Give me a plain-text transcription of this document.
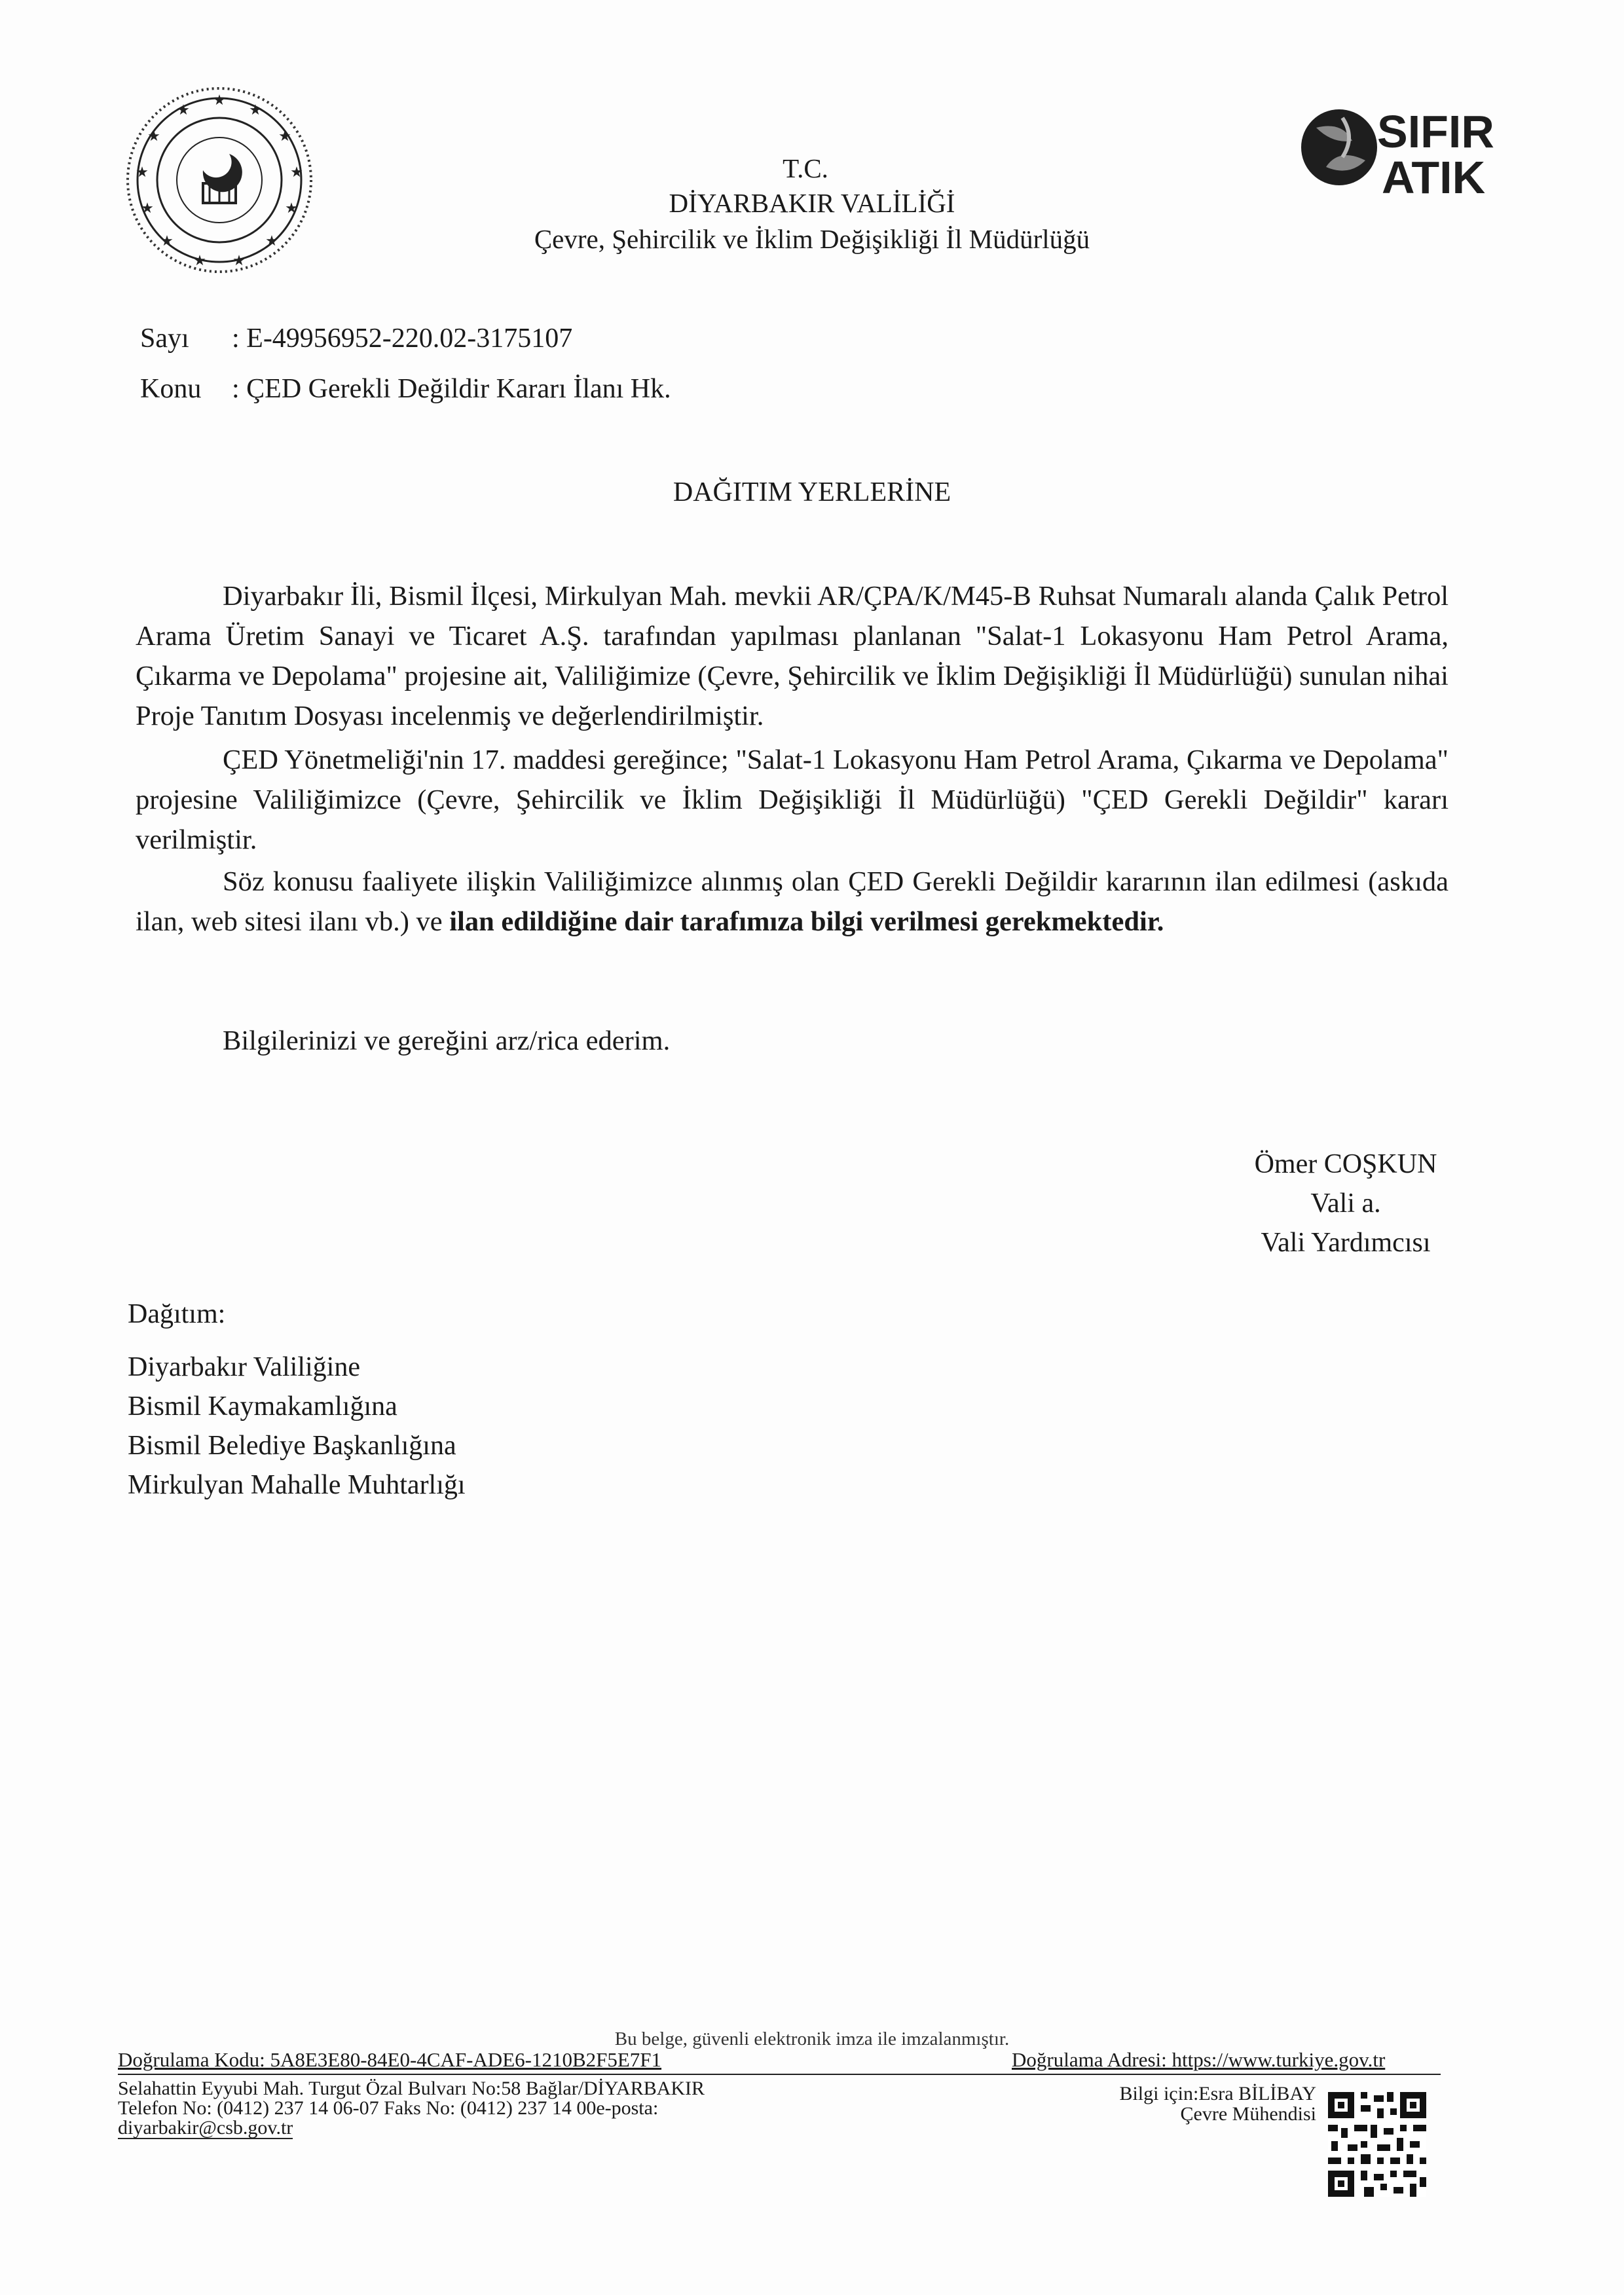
★
★
★
★
★
★
★
★
★
★
★
★
★
SIFIR
ATIK
T.C.
DİYARBAKIR VALİLİĞİ
Çevre, Şehircilik ve İklim Değişikliği İl Müdürlüğü
Sayı : E-49956952-220.02-3175107
Konu : ÇED Gerekli Değildir Kararı İlanı Hk.
DAĞITIM YERLERİNE

Diyarbakır İli, Bismil İlçesi, Mirkulyan Mah. mevkii AR/ÇPA/K/M45-B Ruhsat Numaralı alanda Çalık Petrol Arama Üretim Sanayi ve Ticaret A.Ş. tarafından yapılması planlanan "Salat-1 Lokasyonu Ham Petrol Arama, Çıkarma ve Depolama" projesine ait, Valiliğimize (Çevre, Şehircilik ve İklim Değişikliği İl Müdürlüğü) sunulan nihai Proje Tanıtım Dosyası incelenmiş ve değerlendirilmiştir.

ÇED Yönetmeliği'nin 17. maddesi gereğince; "Salat-1 Lokasyonu Ham Petrol Arama, Çıkarma ve Depolama" projesine Valiliğimizce (Çevre, Şehircilik ve İklim Değişikliği İl Müdürlüğü) "ÇED Gerekli Değildir" kararı verilmiştir.

Söz konusu faaliyete ilişkin Valiliğimizce alınmış olan ÇED Gerekli Değildir kararının ilan edilmesi (askıda ilan, web sitesi ilanı vb.) ve ilan edildiğine dair tarafımıza bilgi verilmesi gerekmektedir.

Bilgilerinizi ve gereğini arz/rica ederim.
Ömer COŞKUN
Vali a.
Vali Yardımcısı
Dağıtım:
Diyarbakır Valiliğine
Bismil Kaymakamlığına
Bismil Belediye Başkanlığına
Mirkulyan Mahalle Muhtarlığı
Bu belge, güvenli elektronik imza ile imzalanmıştır.
Doğrulama Kodu: 5A8E3E80-84E0-4CAF-ADE6-1210B2F5E7F1	Doğrulama Adresi: https://www.turkiye.gov.tr
Selahattin Eyyubi Mah. Turgut Özal Bulvarı No:58 Bağlar/DİYARBAKIR
Telefon No: (0412) 237 14 06-07 Faks No: (0412) 237 14 00e-posta:
diyarbakir@csb.gov.tr
Bilgi için:Esra BİLİBAY
Çevre Mühendisi
